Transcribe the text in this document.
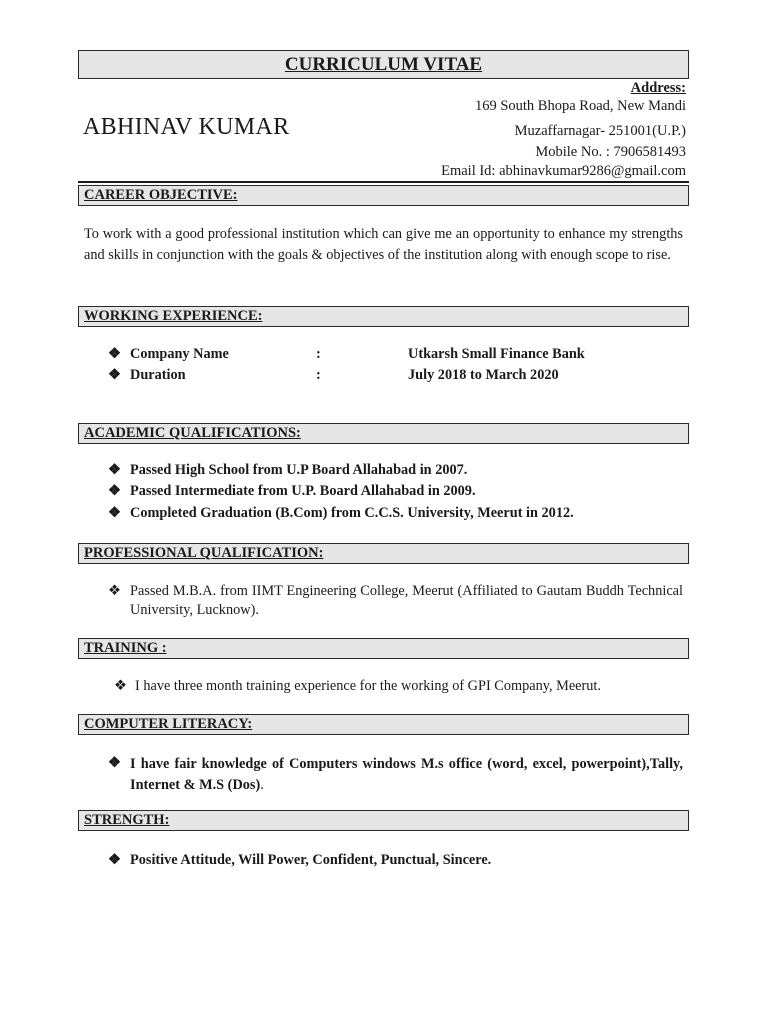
CURRICULUM VITAE
Address:
169 South Bhopa Road, New Mandi
Muzaffarnagar- 251001(U.P.)
Mobile No. : 7906581493
Email Id: abhinavkumar9286@gmail.com
ABHINAV KUMAR
CAREER OBJECTIVE:
To work with a good professional institution which can give me an opportunity to enhance my strengths and skills in conjunction with the goals & objectives of the institution along with enough scope to rise.
WORKING EXPERIENCE:
❖ Company Name	:	Utkarsh Small Finance Bank
❖ Duration	:	July 2018 to March 2020
ACADEMIC QUALIFICATIONS:
❖ Passed High School from U.P Board Allahabad in 2007.
❖ Passed Intermediate from U.P. Board Allahabad in 2009.
❖ Completed Graduation (B.Com) from C.C.S. University, Meerut in 2012.
PROFESSIONAL QUALIFICATION:
❖ Passed M.B.A. from IIMT Engineering College, Meerut (Affiliated to Gautam Buddh Technical University, Lucknow).
TRAINING :
❖ I have three month training experience for the working of GPI Company, Meerut.
COMPUTER LITERACY:
❖ I have fair knowledge of Computers windows M.s office (word, excel, powerpoint),Tally, Internet & M.S (Dos).
STRENGTH:
❖ Positive Attitude, Will Power, Confident, Punctual, Sincere.
